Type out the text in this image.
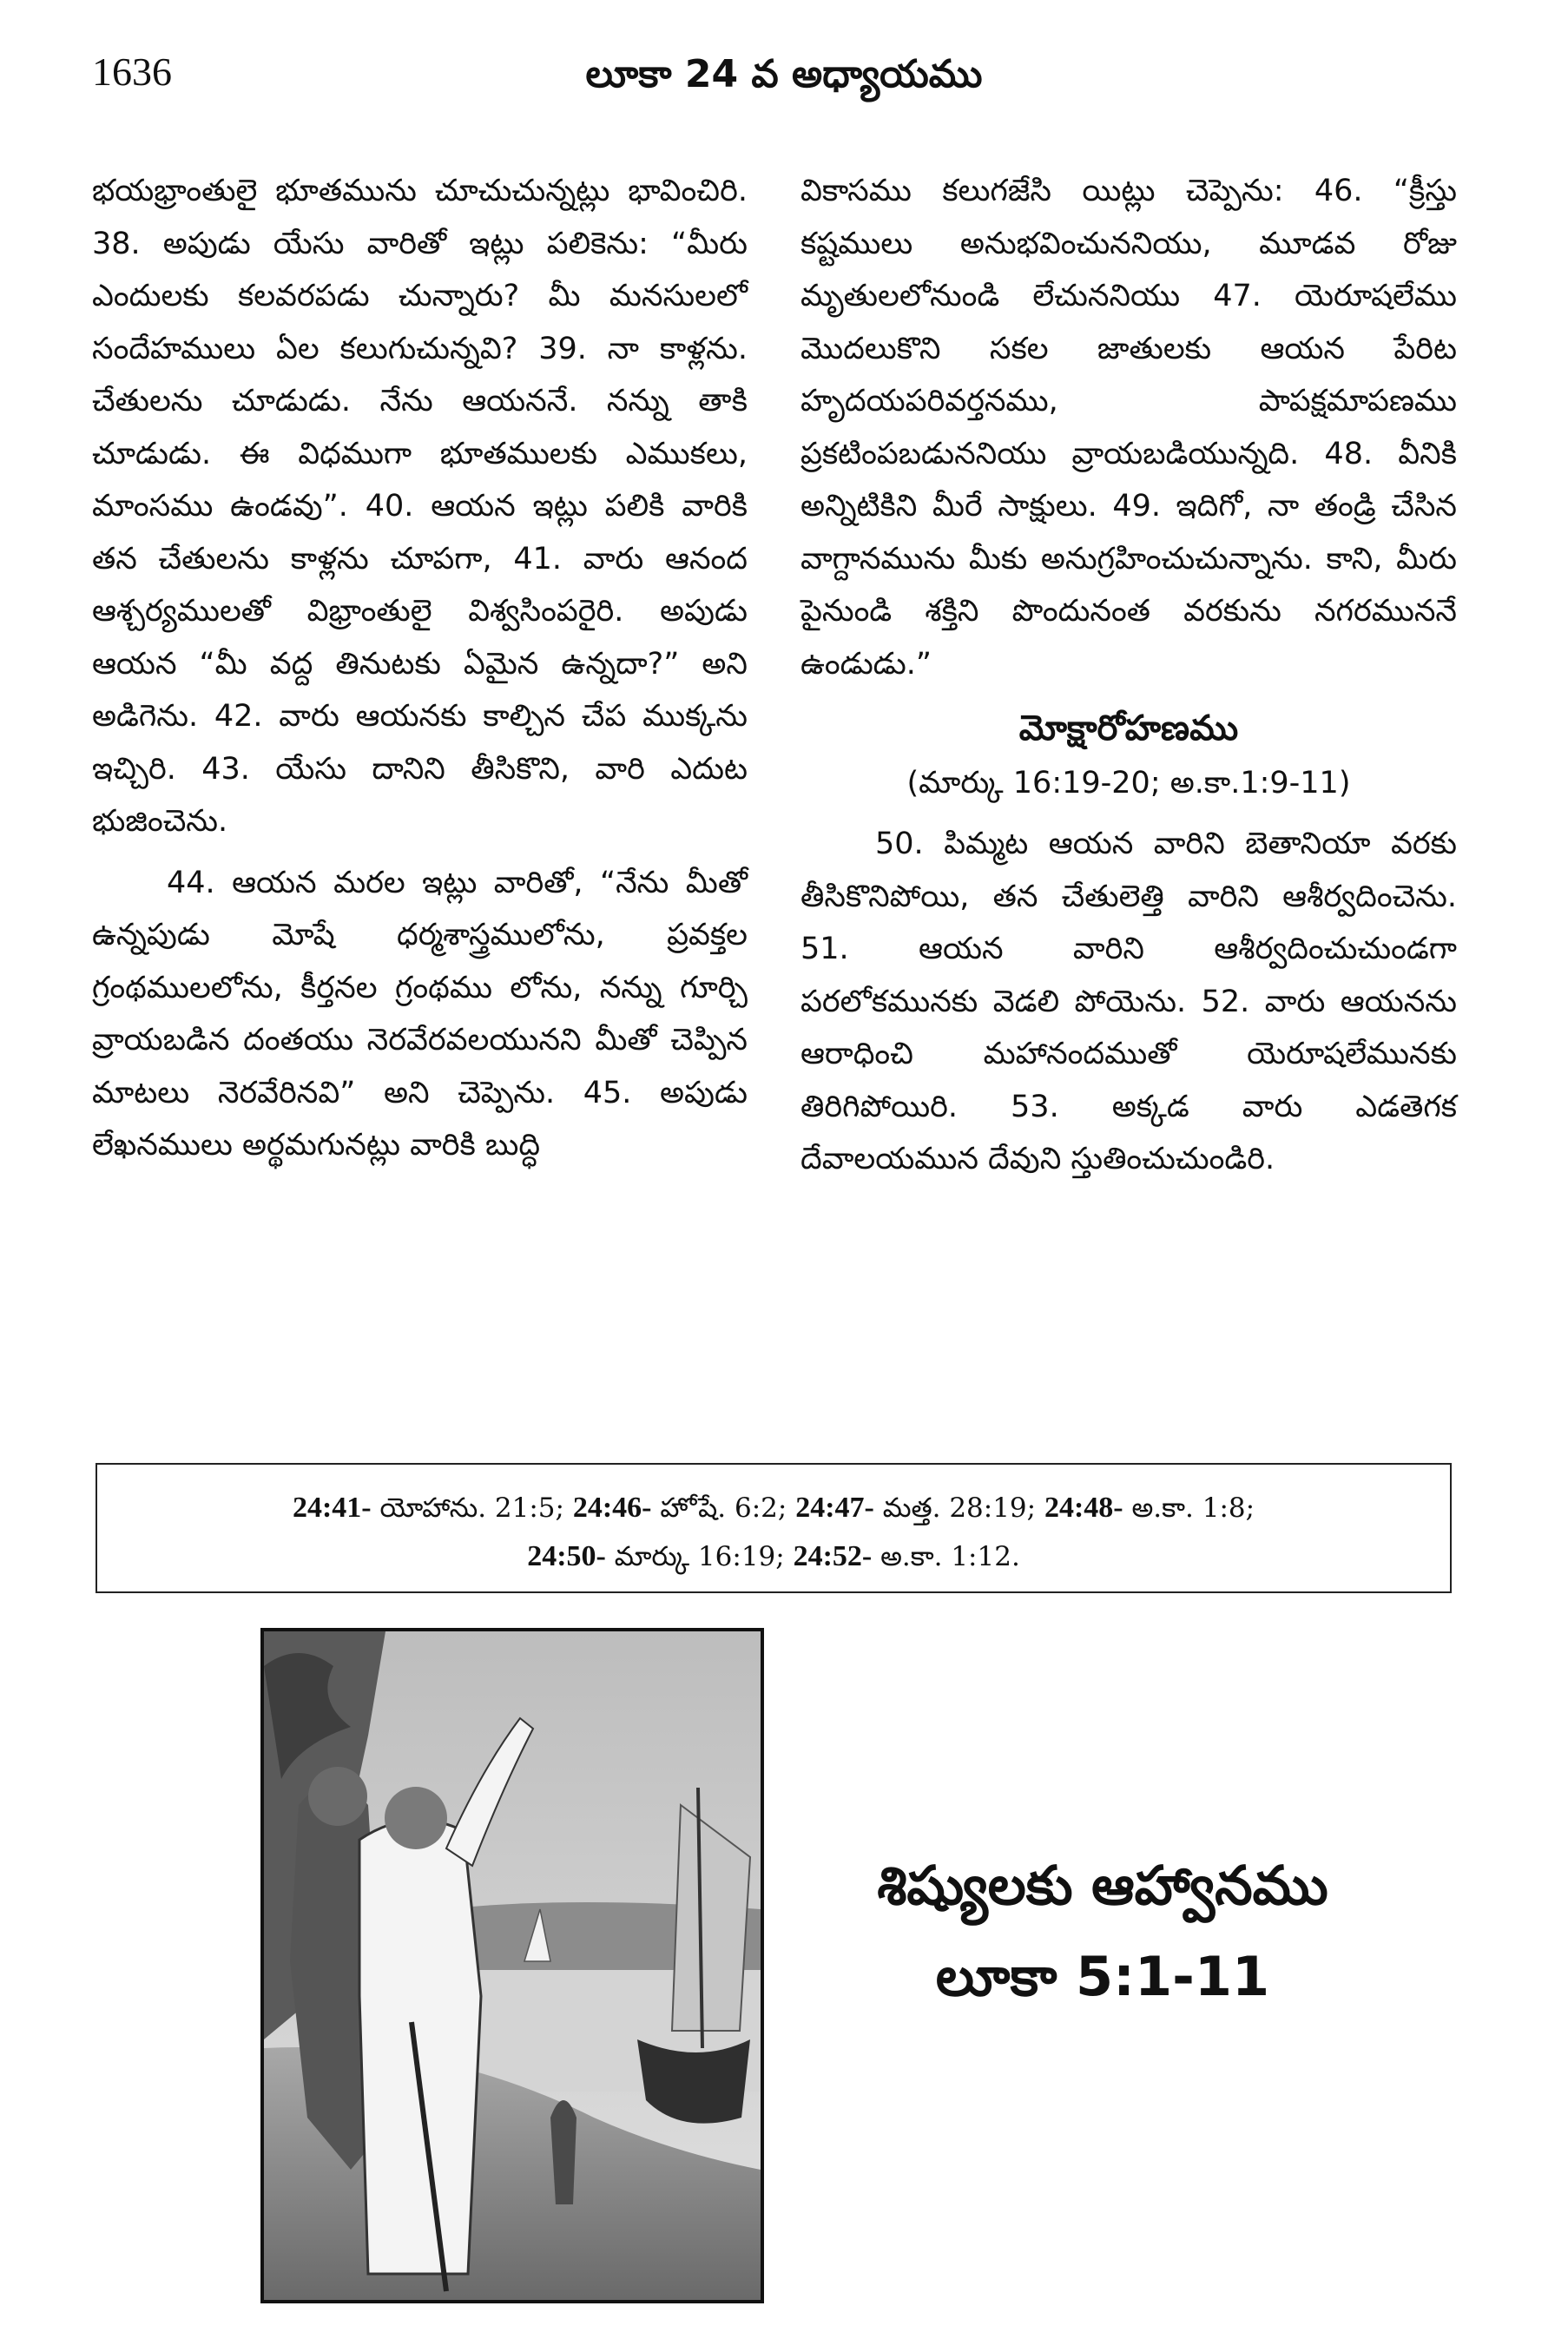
1636	లూకా 24 వ అధ్యాయము

భయభ్రాంతులై భూతమును చూచుచున్నట్లు భావించిరి. 38. అపుడు యేసు వారితో ఇట్లు పలికెను: “మీరు ఎందులకు కలవరపడు చున్నారు? మీ మనసులలో సందేహములు ఏల కలుగుచున్నవి? 39. నా కాళ్లను. చేతులను చూడుడు. నేను ఆయననే. నన్ను తాకి చూడుడు. ఈ విధముగా భూతములకు ఎముకలు, మాంసము ఉండవు”. 40. ఆయన ఇట్లు పలికి వారికి తన చేతులను కాళ్లను చూపగా, 41. వారు ఆనంద ఆశ్చర్యములతో విభ్రాంతులై విశ్వసింపరైరి. అపుడు ఆయన “మీ వద్ద తినుటకు ఏమైన ఉన్నదా?” అని అడిగెను. 42. వారు ఆయనకు కాల్చిన చేప ముక్కను ఇచ్చిరి. 43. యేసు దానిని తీసికొని, వారి ఎదుట భుజించెను.

44. ఆయన మరల ఇట్లు వారితో, “నేను మీతో ఉన్నపుడు మోషే ధర్మశాస్త్రములోను, ప్రవక్తల గ్రంథములలోను, కీర్తనల గ్రంథము లోను, నన్ను గూర్చి వ్రాయబడిన దంతయు నెరవేరవలయునని మీతో చెప్పిన మాటలు నెరవేరినవి” అని చెప్పెను. 45. అపుడు లేఖనములు అర్థమగునట్లు వారికి బుద్ధి

వికాసము కలుగజేసి యిట్లు చెప్పెను: 46. “క్రీస్తు కష్టములు అనుభవించుననియు, మూడవ రోజు మృతులలోనుండి లేచుననియు 47. యెరూషలేము మొదలుకొని సకల జాతులకు ఆయన పేరిట హృదయపరివర్తనము, పాపక్షమాపణము ప్రకటింపబడుననియు వ్రాయబడియున్నది. 48. వీనికి అన్నిటికిని మీరే సాక్షులు. 49. ఇదిగో, నా తండ్రి చేసిన వాగ్దానమును మీకు అనుగ్రహించుచున్నాను. కాని, మీరు పైనుండి శక్తిని పొందునంత వరకును నగరముననే ఉండుడు.”

మోక్షారోహణము
(మార్కు 16:19-20; అ.కా.1:9-11)

50. పిమ్మట ఆయన వారిని బెతానియా వరకు తీసికొనిపోయి, తన చేతులెత్తి వారిని ఆశీర్వదించెను. 51. ఆయన వారిని ఆశీర్వదించుచుండగా పరలోకమునకు వెడలి పోయెను. 52. వారు ఆయనను ఆరాధించి మహానందముతో యెరూషలేమునకు తిరిగిపోయిరి. 53. అక్కడ వారు ఎడతెగక దేవాలయమున దేవుని స్తుతించుచుండిరి.

24:41- యోహాను. 21:5; 24:46- హోషే. 6:2; 24:47- మత్త. 28:19; 24:48- అ.కా. 1:8;
24:50- మార్కు 16:19; 24:52- అ.కా. 1:12.
శిష్యులకు ఆహ్వానము
లూకా 5:1-11
